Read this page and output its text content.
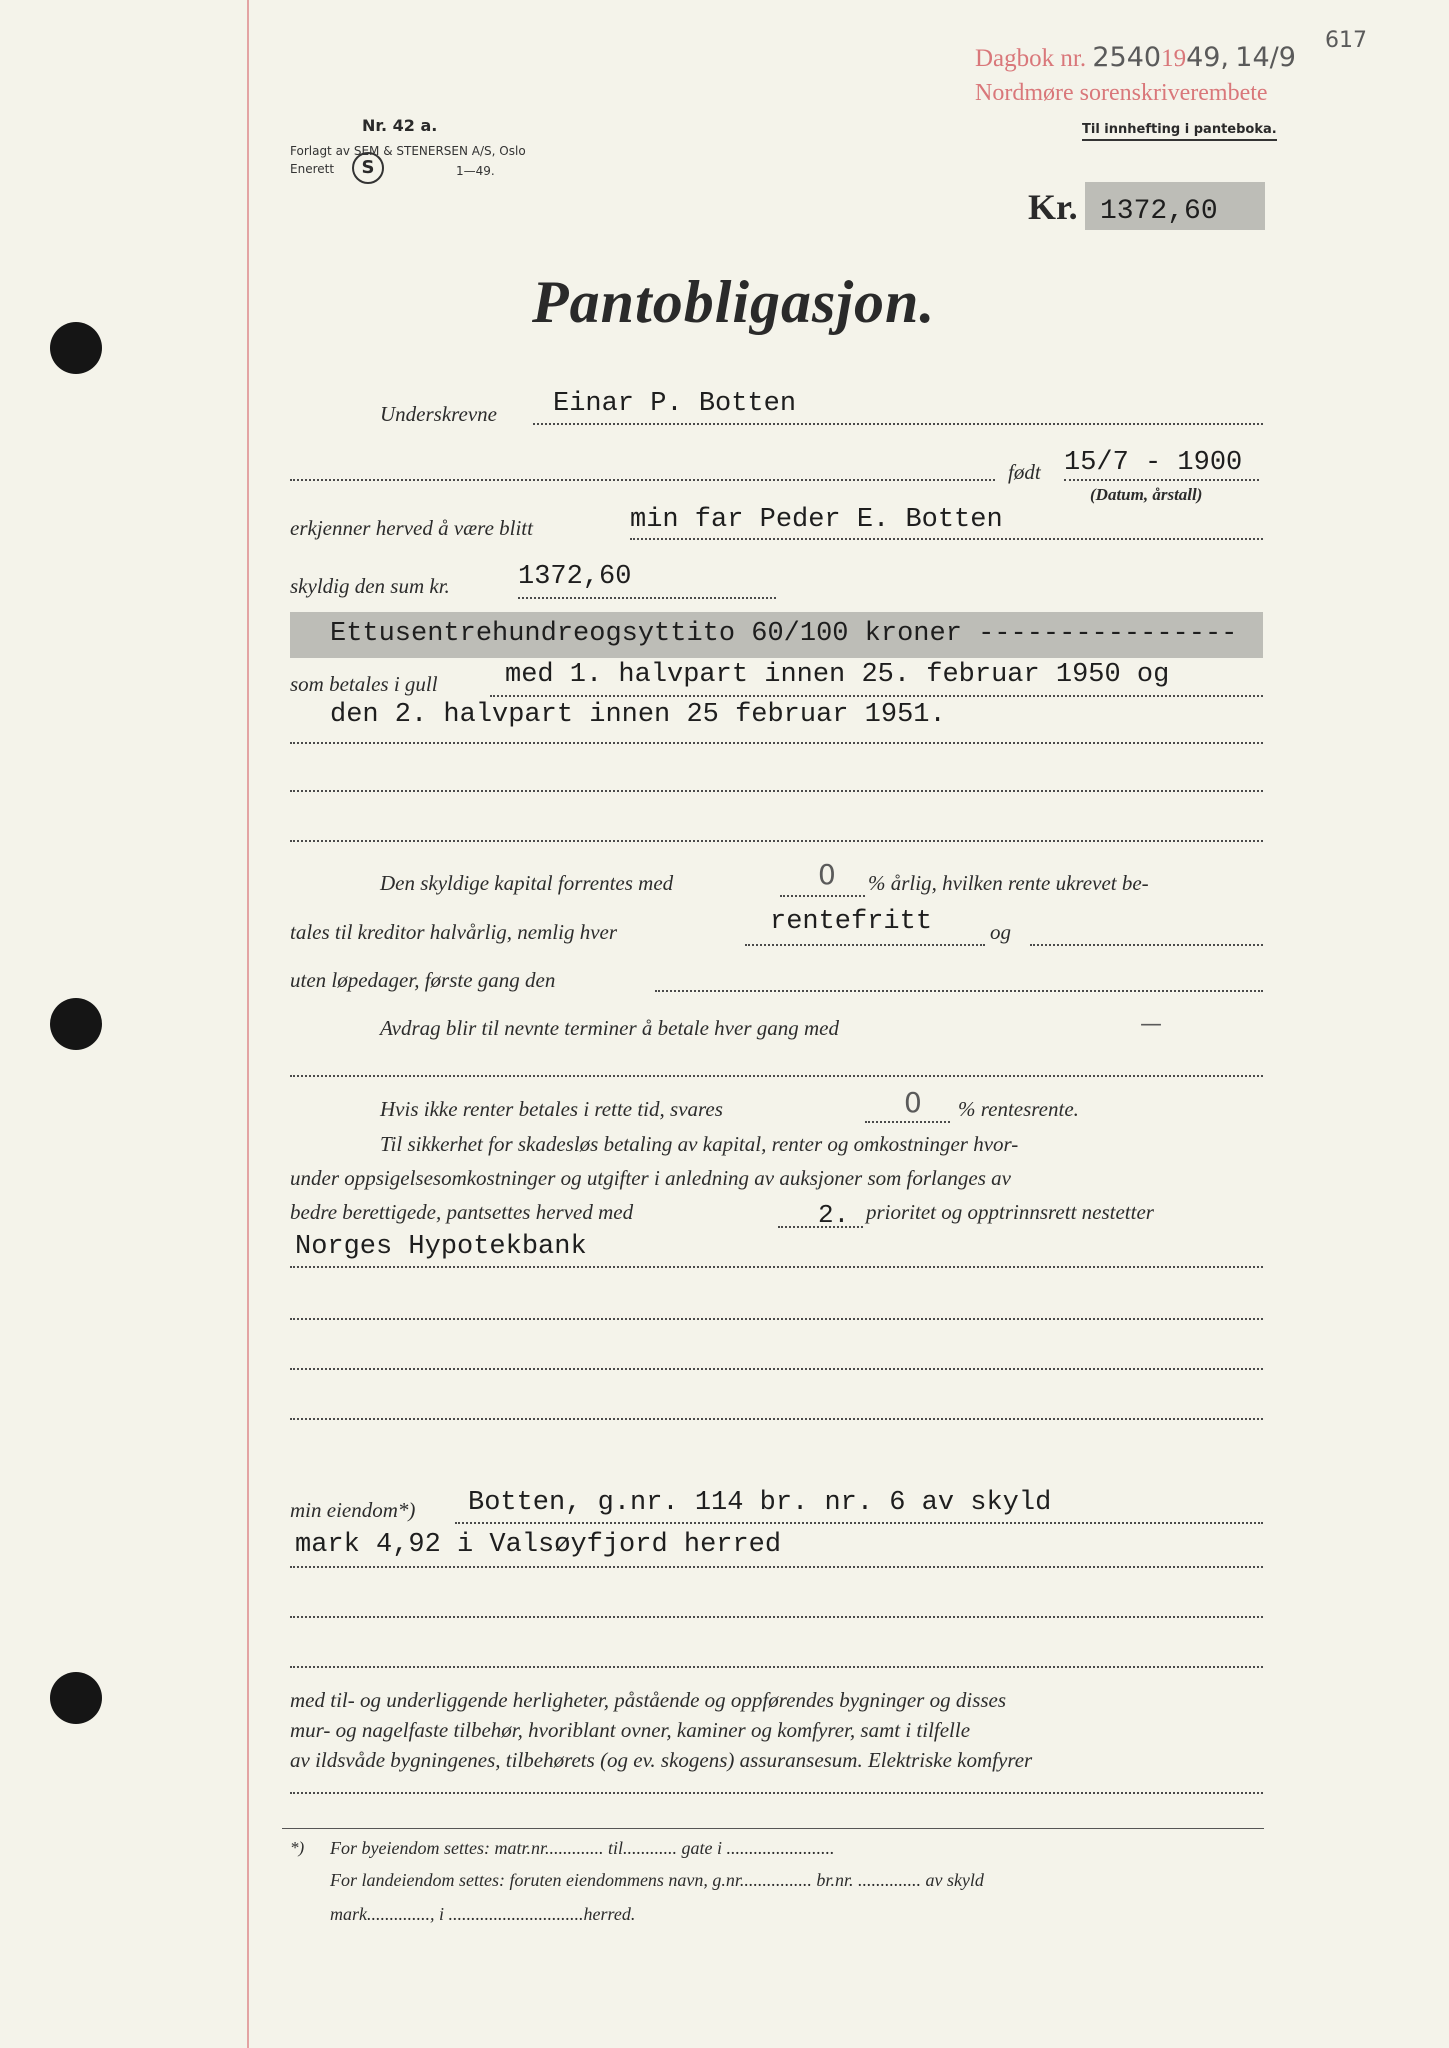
Dagbok nr. 25401949, 14/9
617
Nordmøre sorenskriverembete
Nr. 42 a.
Forlagt av SEM & STENERSEN A/S, Oslo
Enerett	S	1—49.
Til innhefting i panteboka.
Kr. 1372,60
Pantobligasjon.
Underskrevne Einar P. Botten
født 15/7 - 1900
(Datum, årstall)
erkjenner herved å være blitt	min far Peder E. Botten
skyldig den sum kr.	1372,60
Ettusentrehundreogsyttito 60/100 kroner ----------------
som betales i gull med 1. halvpart innen 25. februar 1950 og
den 2. halvpart innen 25 februar 1951.
Den skyldige kapital forrentes med	0 % årlig, hvilken rente ukrevet be-
tales til kreditor halvårlig, nemlig hver	rentefritt	og
uten løpedager, første gang den
Avdrag blir til nevnte terminer å betale hver gang med	—
Hvis ikke renter betales i rette tid, svares	0 % rentesrente.
Til sikkerhet for skadesløs betaling av kapital, renter og omkostninger hvor-
under oppsigelsesomkostninger og utgifter i anledning av auksjoner som forlanges av
bedre berettigede, pantsettes herved med	2. prioritet og opptrinnsrett nestetter
Norges Hypotekbank
min eiendom*) Botten, g.nr. 114 br. nr. 6 av skyld
mark 4,92 i Valsøyfjord herred
med til- og underliggende herligheter, påstående og oppførendes bygninger og disses
mur- og nagelfaste tilbehør, hvoriblant ovner, kaminer og komfyrer, samt i tilfelle
av ildsvåde bygningenes, tilbehørets (og ev. skogens) assuransesum. Elektriske komfyrer
*) For byeiendom settes: matr.nr............. til............ gate i ........................
For landeiendom settes: foruten eiendommens navn, g.nr................ br.nr. .............. av skyld
mark.............., i ..............................herred.
